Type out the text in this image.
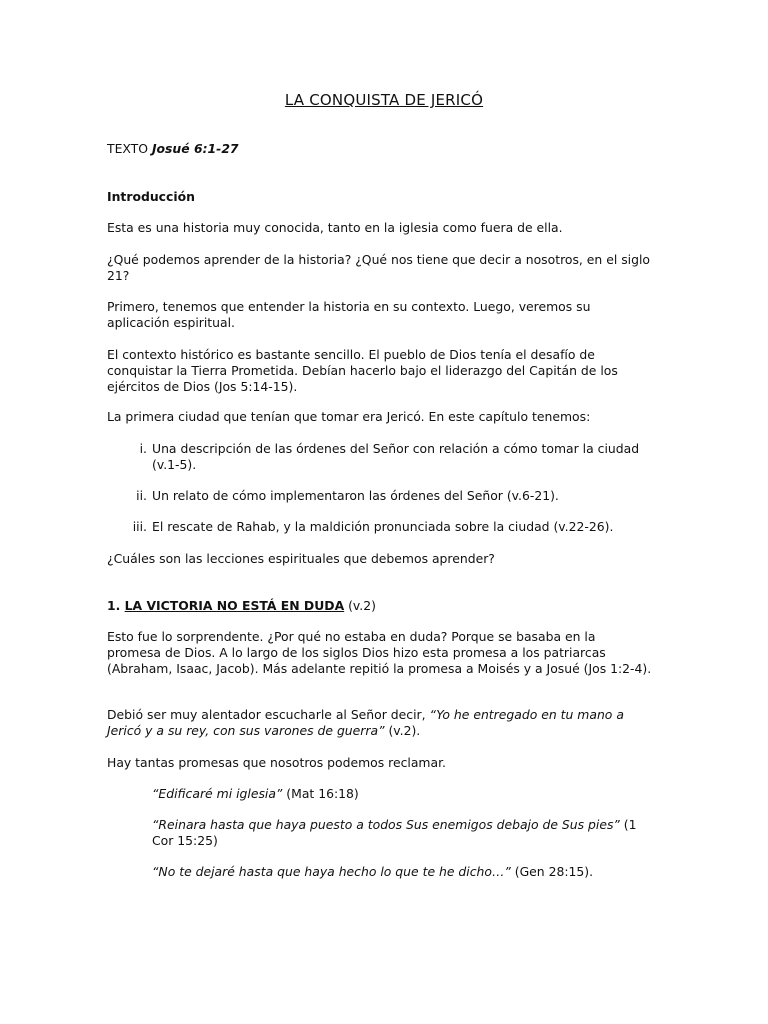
LA CONQUISTA DE JERICÓ

TEXTO Josué 6:1-27

Introducción

Esta es una historia muy conocida, tanto en la iglesia como fuera de ella.

¿Qué podemos aprender de la historia? ¿Qué nos tiene que decir a nosotros, en el siglo 21?

Primero, tenemos que entender la historia en su contexto. Luego, veremos su aplicación espiritual.

El contexto histórico es bastante sencillo. El pueblo de Dios tenía el desafío de conquistar la Tierra Prometida. Debían hacerlo bajo el liderazgo del Capitán de los ejércitos de Dios (Jos 5:14-15).

La primera ciudad que tenían que tomar era Jericó. En este capítulo tenemos:

i. Una descripción de las órdenes del Señor con relación a cómo tomar la ciudad (v.1-5).
ii. Un relato de cómo implementaron las órdenes del Señor (v.6-21).
iii. El rescate de Rahab, y la maldición pronunciada sobre la ciudad (v.22-26).

¿Cuáles son las lecciones espirituales que debemos aprender?

1. LA VICTORIA NO ESTÁ EN DUDA (v.2)

Esto fue lo sorprendente. ¿Por qué no estaba en duda? Porque se basaba en la promesa de Dios. A lo largo de los siglos Dios hizo esta promesa a los patriarcas (Abraham, Isaac, Jacob). Más adelante repitió la promesa a Moisés y a Josué (Jos 1:2-4).

Debió ser muy alentador escucharle al Señor decir, “Yo he entregado en tu mano a Jericó y a su rey, con sus varones de guerra” (v.2).

Hay tantas promesas que nosotros podemos reclamar.

“Edificaré mi iglesia” (Mat 16:18)

“Reinara hasta que haya puesto a todos Sus enemigos debajo de Sus pies” (1 Cor 15:25)

“No te dejaré hasta que haya hecho lo que te he dicho…” (Gen 28:15).
